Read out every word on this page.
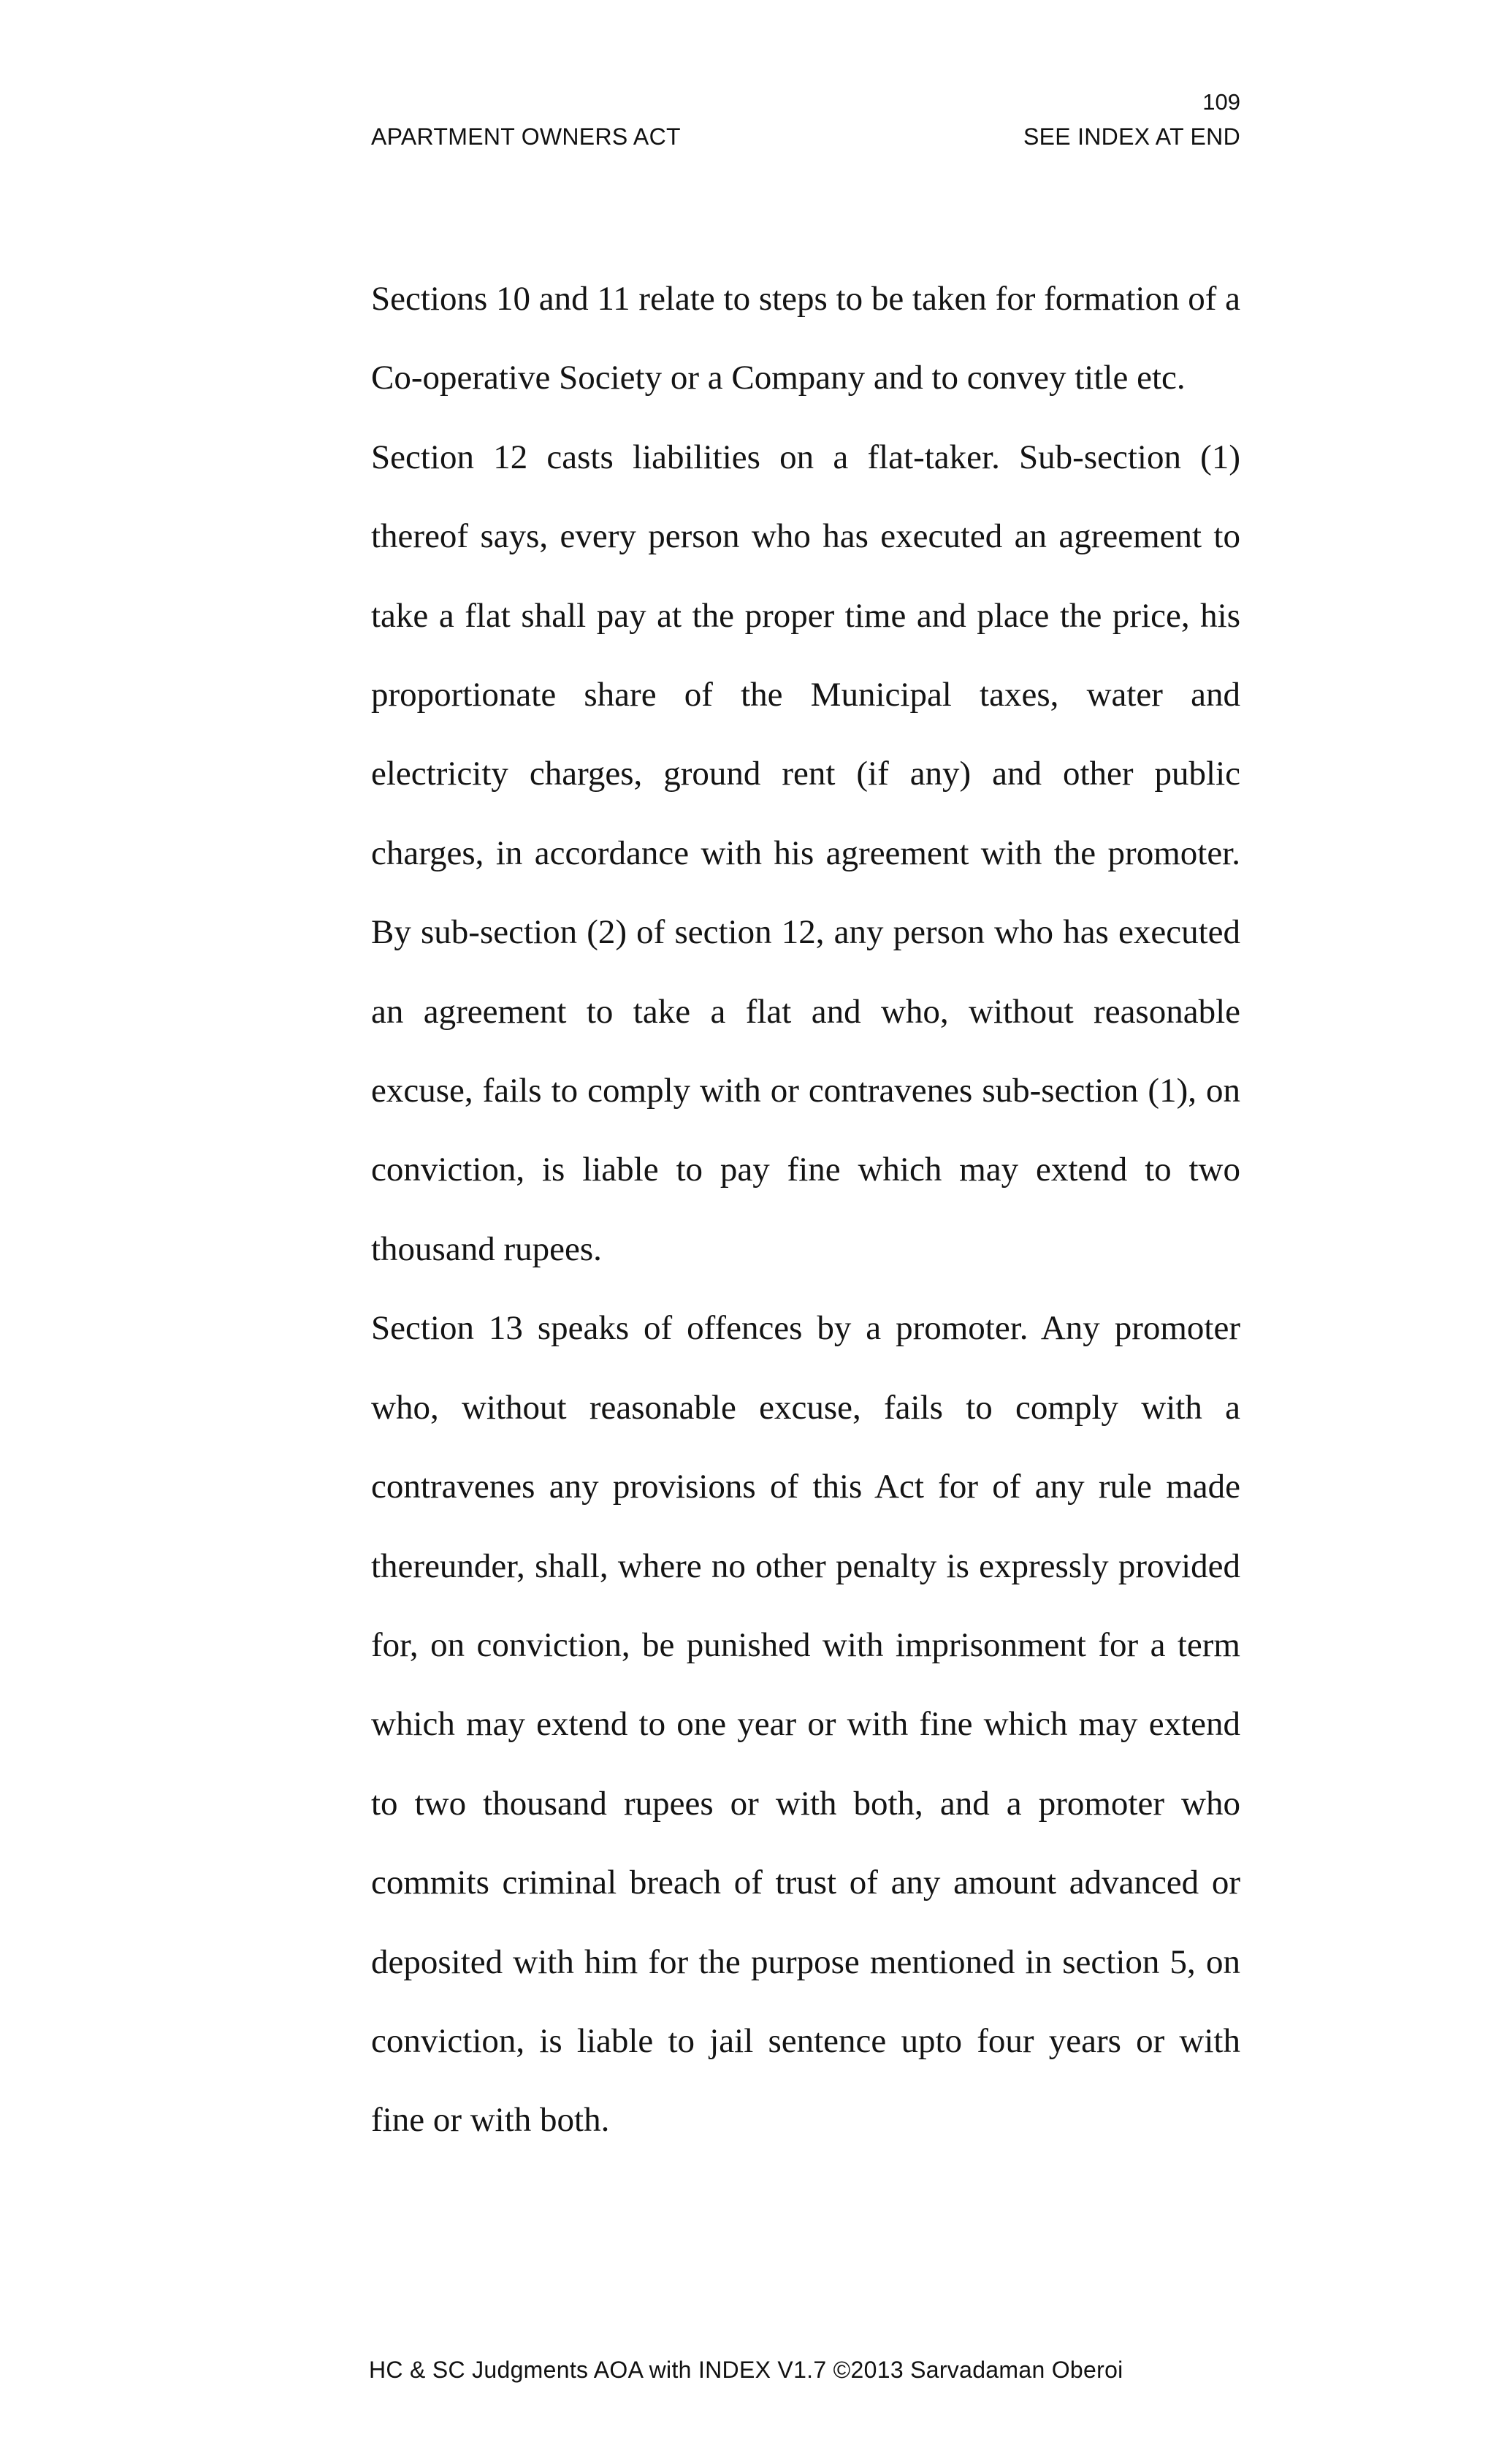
109
APARTMENT OWNERS ACT	SEE INDEX AT END

Sections 10 and 11 relate to steps to be taken for formation of a Co-operative Society or a Company and to convey title etc.

Section 12 casts liabilities on a flat-taker. Sub-section (1) thereof says, every person who has executed an agreement to take a flat shall pay at the proper time and place the price, his proportionate share of the Municipal taxes, water and electricity charges, ground rent (if any) and other public charges, in accordance with his agreement with the promoter. By sub-section (2) of section 12, any person who has executed an agreement to take a flat and who, without reasonable excuse, fails to comply with or contravenes sub-section (1), on conviction, is liable to pay fine which may extend to two thousand rupees.

Section 13 speaks of offences by a promoter. Any promoter who, without reasonable excuse, fails to comply with a contravenes any provisions of this Act for of any rule made thereunder, shall, where no other penalty is expressly provided for, on conviction, be punished with imprisonment for a term which may extend to one year or with fine which may extend to two thousand rupees or with both, and a promoter who commits criminal breach of trust of any amount advanced or deposited with him for the purpose mentioned in section 5, on conviction, is liable to jail sentence upto four years or with fine or with both.

HC & SC Judgments AOA with INDEX V1.7 ©2013 Sarvadaman Oberoi
